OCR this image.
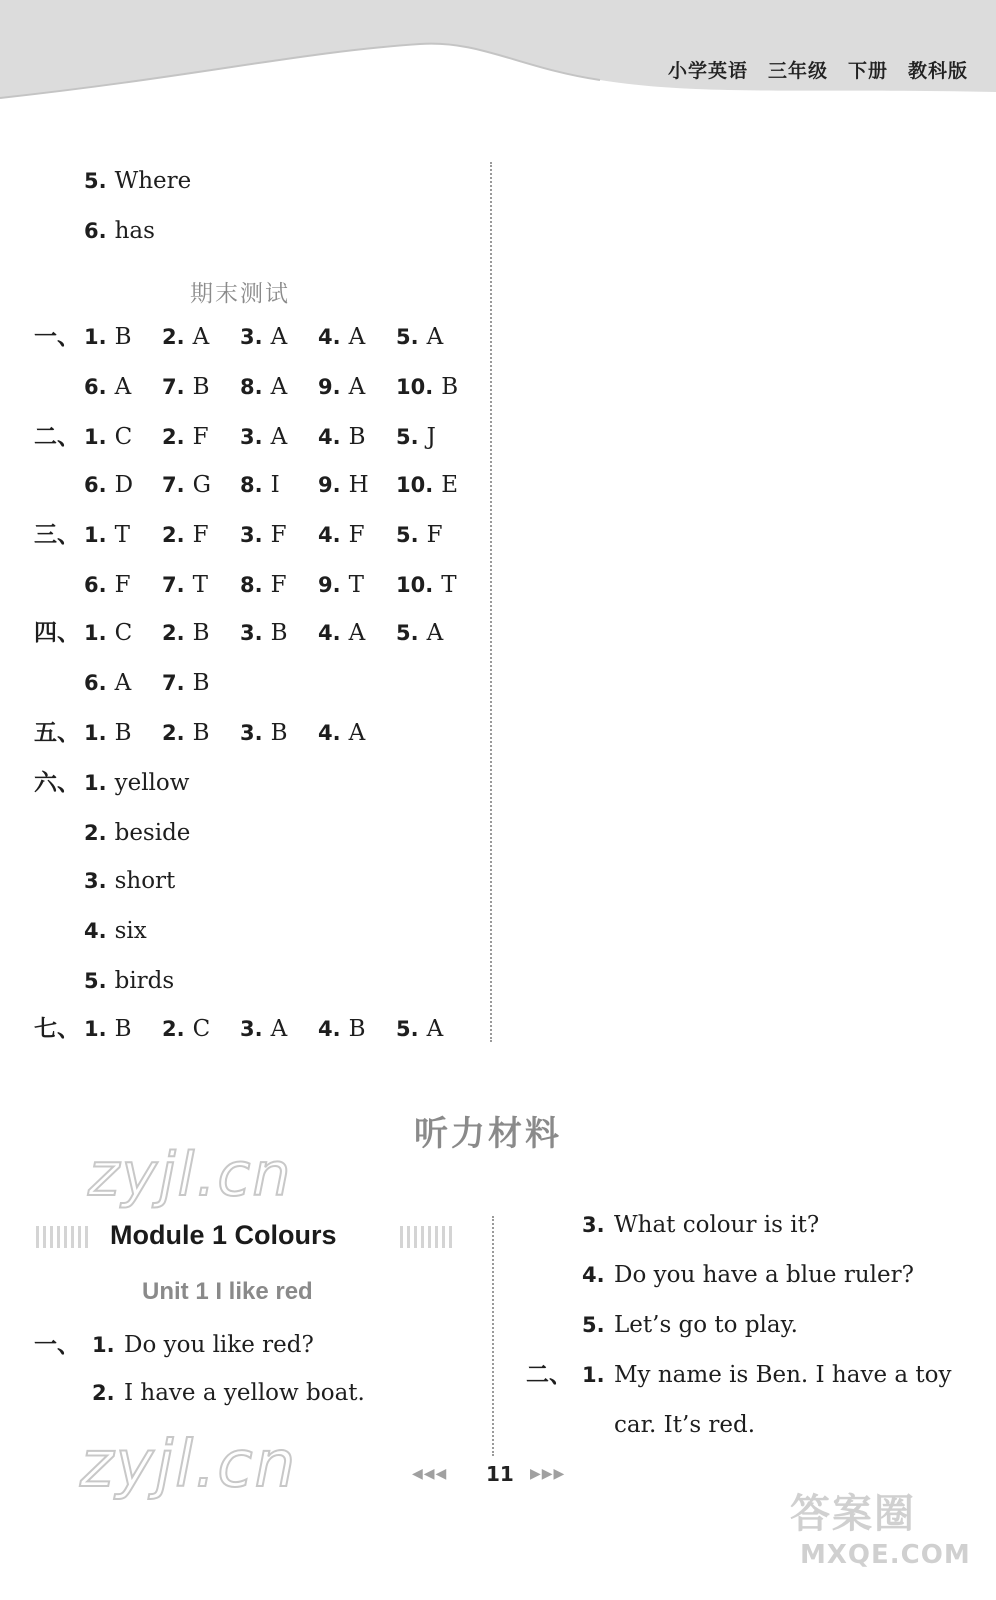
小学英语 三年级 下册 教科版
5. Where
6. has
一、 1. B 2. A 3. A 4. A 5. A
6. A 7. B 8. A 9. A 10. B
二、 1. C 2. F 3. A 4. B 5. J
6. D 7. G 8. I 9. H 10. E
三、 1. T 2. F 3. F 4. F 5. F
6. F 7. T 8. F 9. T 10. T
四、 1. C 2. B 3. B 4. A 5. A
6. A 7. B
五、 1. B 2. B 3. B 4. A
六、 1. yellow
2. beside
3. short
4. six
5. birds
七、 1. B 2. C 3. A 4. B 5. A
期末测试
听力材料
zyjl.cn
Module 1 Colours
Unit 1 I like red
一、 1. Do you like red?
2. I have a yellow boat.
3. What colour is it?
4. Do you have a blue ruler?
5. Let’s go to play.
二、 1. My name is Ben. I have a toy
car. It’s red.
zyjl.cn	◀◀◀ 11 ▶▶▶
答案圈
MXQE.COM
